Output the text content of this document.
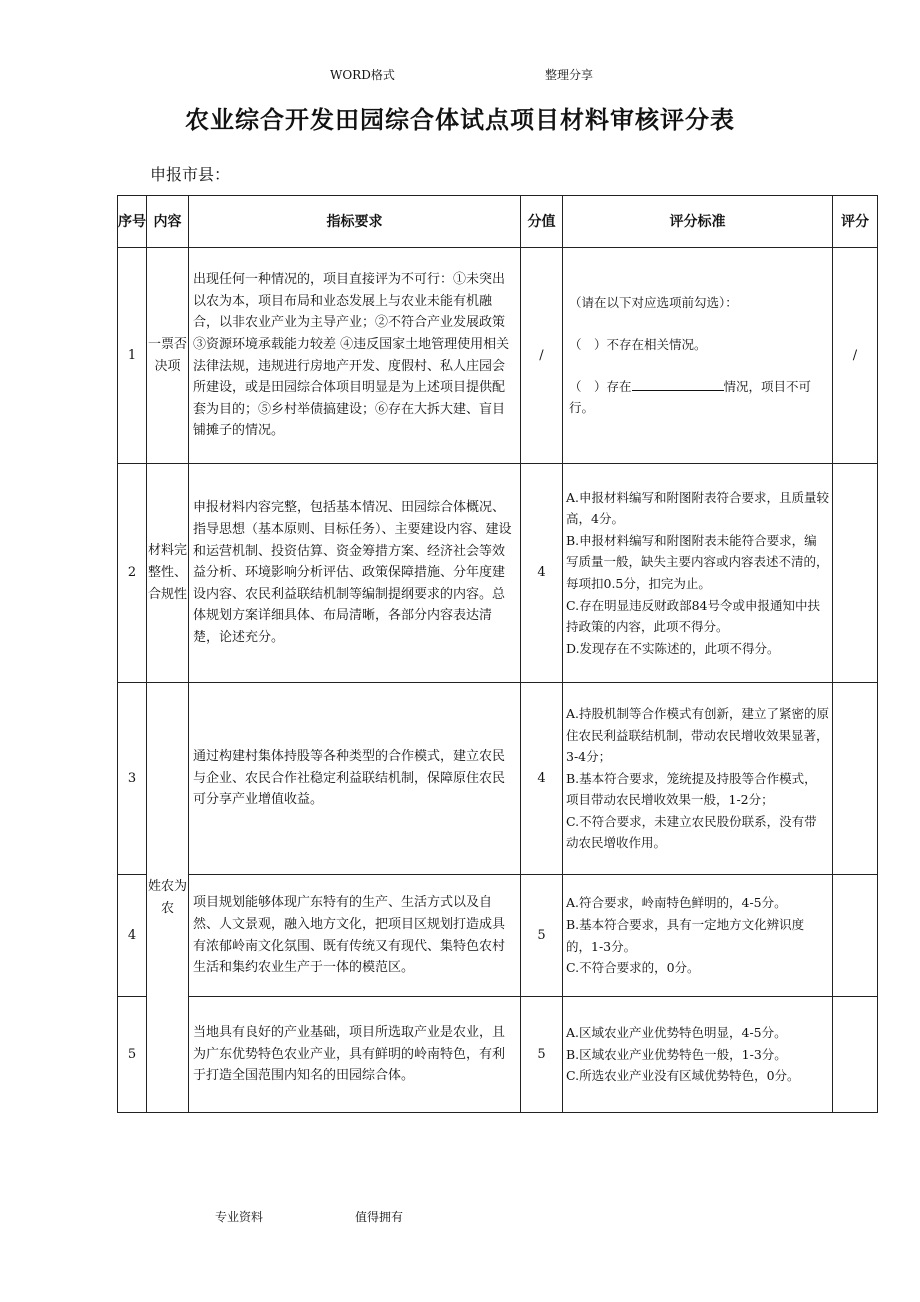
WORD格式	整理分享
农业综合开发田园综合体试点项目材料审核评分表
申报市县：
序号	内容	指标要求	分值	评分标准	评分
1	一票否决项	出现任何一种情况的，项目直接评为不可行：①未突出以农为本，项目布局和业态发展上与农业未能有机融合，以非农业产业为主导产业；②不符合产业发展政策 ③资源环境承载能力较差 ④违反国家土地管理使用相关法律法规，违规进行房地产开发、度假村、私人庄园会所建设，或是田园综合体项目明显是为上述项目提供配套为目的；⑤乡村举债搞建设；⑥存在大拆大建、盲目铺摊子的情况。	/	（请在以下对应选项前勾选）：
（　）不存在相关情况。
（　）存在 情况，项目不可行。	/
2	材料完整性、合规性	申报材料内容完整，包括基本情况、田园综合体概况、指导思想（基本原则、目标任务）、主要建设内容、建设和运营机制、投资估算、资金筹措方案、经济社会等效益分析、环境影响分析评估、政策保障措施、分年度建设内容、农民利益联结机制等编制提纲要求的内容。总体规划方案详细具体、布局清晰，各部分内容表达清楚，论述充分。	4	A.申报材料编写和附图附表符合要求，且质量较高，4分。
B.申报材料编写和附图附表未能符合要求，编写质量一般，缺失主要内容或内容表述不清的，每项扣0.5分，扣完为止。
C.存在明显违反财政部84号令或申报通知中扶持政策的内容，此项不得分。
D.发现存在不实陈述的，此项不得分。	

3	姓农为农	通过构建村集体持股等各种类型的合作模式，建立农民与企业、农民合作社稳定利益联结机制，保障原住农民可分享产业增值收益。	4	A.持股机制等合作模式有创新，建立了紧密的原住农民利益联结机制，带动农民增收效果显著，3-4分；
B.基本符合要求，笼统提及持股等合作模式，项目带动农民增收效果一般，1-2分；
C.不符合要求，未建立农民股份联系，没有带动农民增收作用。	

4		项目规划能够体现广东特有的生产、生活方式以及自然、人文景观，融入地方文化，把项目区规划打造成具有浓郁岭南文化氛围、既有传统又有现代、集特色农村生活和集约农业生产于一体的模范区。	5	A.符合要求，岭南特色鲜明的，4-5分。
B.基本符合要求，具有一定地方文化辨识度的，1-3分。
C.不符合要求的，0分。	

5		当地具有良好的产业基础，项目所选取产业是农业，且为广东优势特色农业产业，具有鲜明的岭南特色，有利于打造全国范围内知名的田园综合体。	5	A.区域农业产业优势特色明显，4-5分。
B.区域农业产业优势特色一般，1-3分。
C.所选农业产业没有区域优势特色，0分。	

专业资料	值得拥有
